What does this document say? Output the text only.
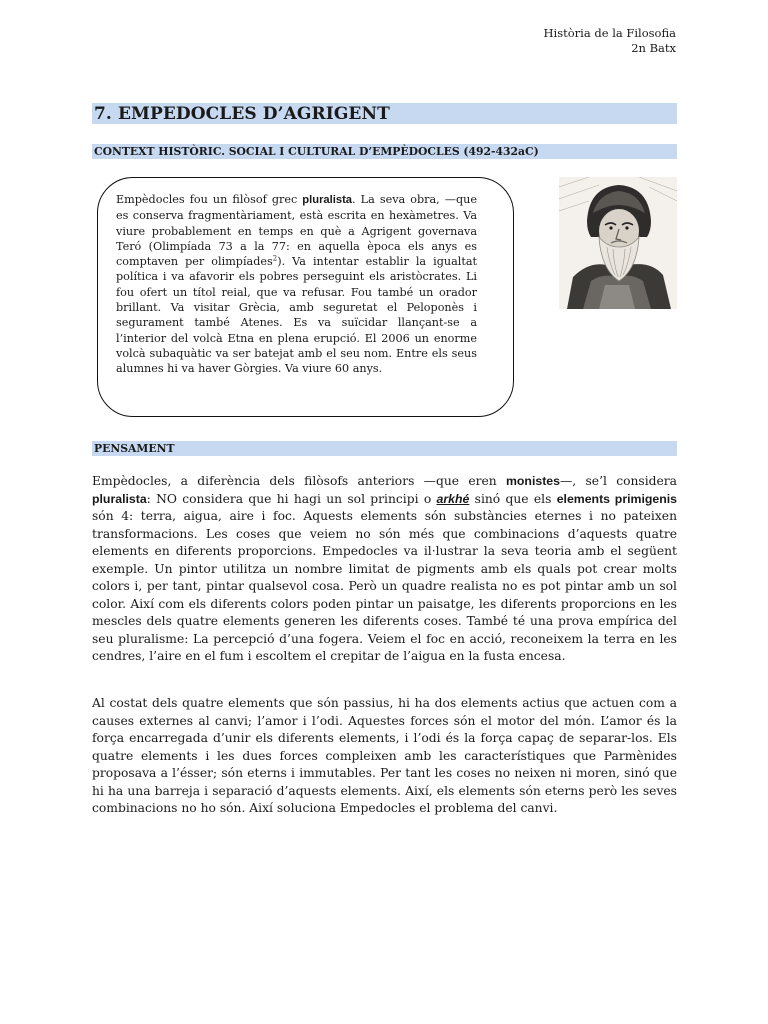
Història de la Filosofia
2n Batx
7. EMPEDOCLES D’AGRIGENT
CONTEXT HISTÒRIC. SOCIAL I CULTURAL D’EMPÈDOCLES (492-432aC)

Empèdocles fou un filòsof grec pluralista. La seva obra, —que es conserva fragmentàriament, està escrita en hexàmetres. Va viure probablement en temps en què a Agrigent governava Teró (Olimpíada 73 a la 77: en aquella època els anys es comptaven per olimpíades$^2$). Va intentar establir la igualtat política i va afavorir els pobres perseguint els aristòcrates. Li fou ofert un títol reial, que va refusar. Fou també un orador brillant. Va visitar Grècia, amb seguretat el Peloponès i segurament també Atenes. Es va suïcidar llançant-se a l’interior del volcà Etna en plena erupció. El 2006 un enorme volcà subaquàtic va ser batejat amb el seu nom. Entre els seus alumnes hi va haver Gòrgies. Va viure 60 anys.

PENSAMENT

Empèdocles, a diferència dels filòsofs anteriors —que eren monistes—, se’l considera pluralista: NO considera que hi hagi un sol principi o arkhé sinó que els elements primigenis són 4: terra, aigua, aire i foc. Aquests elements són substàncies eternes i no pateixen transformacions. Les coses que veiem no són més que combinacions d’aquests quatre elements en diferents proporcions. Empedocles va il·lustrar la seva teoria amb el següent exemple. Un pintor utilitza un nombre limitat de pigments amb els quals pot crear molts colors i, per tant, pintar qualsevol cosa. Però un quadre realista no es pot pintar amb un sol color. Així com els diferents colors poden pintar un paisatge, les diferents proporcions en les mescles dels quatre elements generen les diferents coses. També té una prova empírica del seu pluralisme: La percepció d’una fogera. Veiem el foc en acció, reconeixem la terra en les cendres, l’aire en el fum i escoltem el crepitar de l’aigua en la fusta encesa.

Al costat dels quatre elements que són passius, hi ha dos elements actius que actuen com a causes externes al canvi; l’amor i l’odi. Aquestes forces són el motor del món. L’amor és la força encarregada d’unir els diferents elements, i l’odi és la força capaç de separar-los. Els quatre elements i les dues forces compleixen amb les característiques que Parmènides proposava a l’ésser; són eterns i immutables. Per tant les coses no neixen ni moren, sinó que hi ha una barreja i separació d’aquests elements. Així, els elements són eterns però les seves combinacions no ho són. Així soluciona Empedocles el problema del canvi.
